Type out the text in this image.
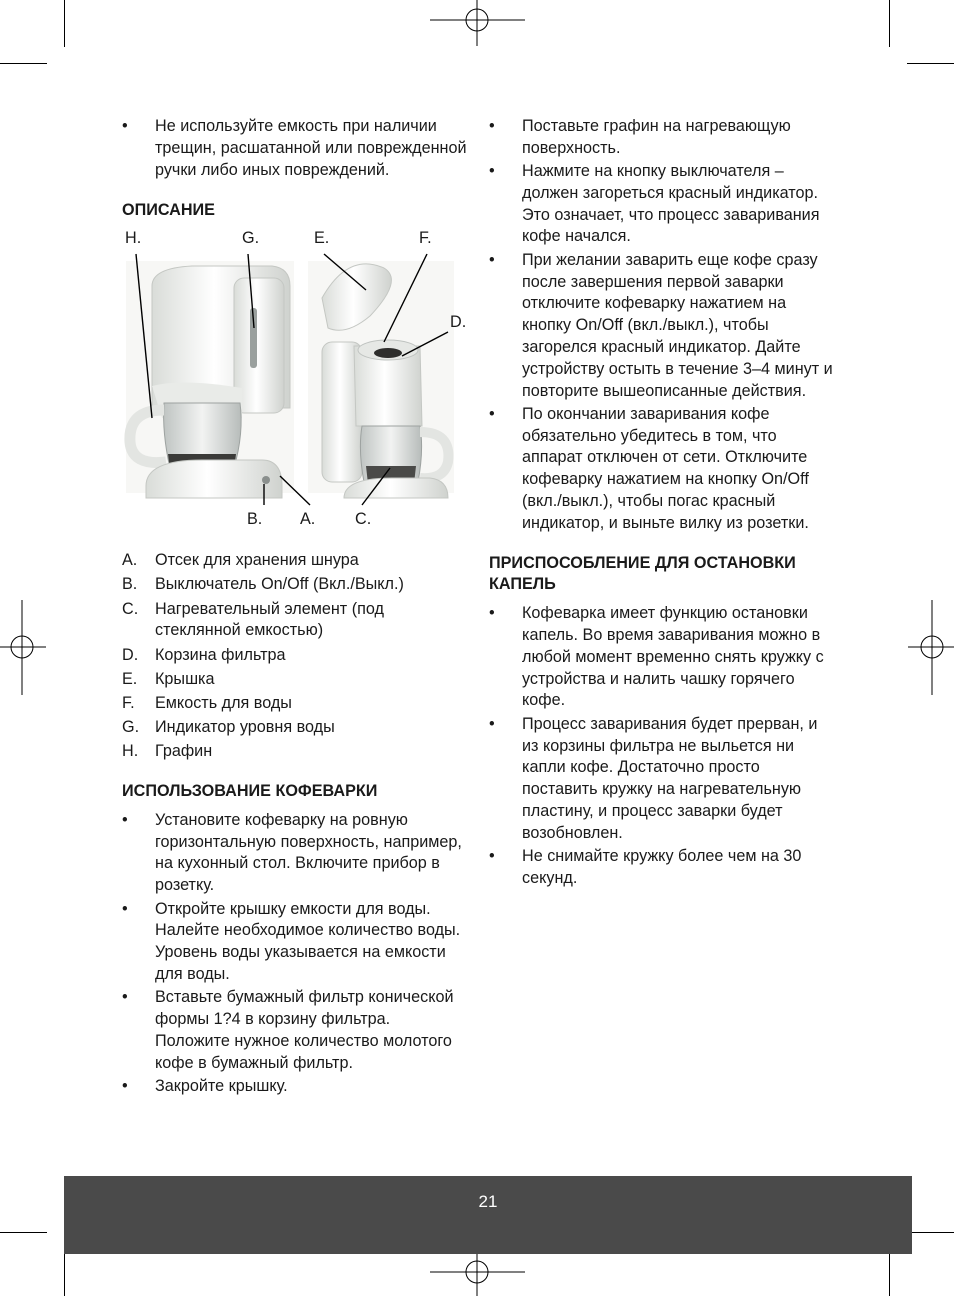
• Не используйте емкость при наличии трещин, расшатанной или поврежденной ручки либо иных повреждений.
ОПИСАНИЕ
H.	G.	E.	F.
D.
B. A. C.
A. Отсек для хранения шнура
B. Выключатель On/Off (Вкл./Выкл.)
C. Нагревательный элемент (под стеклянной емкостью)
D. Корзина фильтра
E. Крышка
F. Емкость для воды
G. Индикатор уровня воды
H. Графин
ИСПОЛЬЗОВАНИЕ КОФЕВАРКИ
• Установите кофеварку на ровную горизонтальную поверхность, например, на кухонный стол. Включите прибор в розетку.
• Откройте крышку емкости для воды. Налейте необходимое количество воды. Уровень воды указывается на емкости для воды.
• Вставьте бумажный фильтр конической формы 1?4 в корзину фильтра. Положите нужное количество молотого кофе в бумажный фильтр.
• Закройте крышку.
• Поставьте графин на нагревающую поверхность.
• Нажмите на кнопку выключателя – должен загореться красный индикатор. Это означает, что процесс заваривания кофе начался.
• При желании заварить еще кофе сразу после завершения первой заварки отключите кофеварку нажатием на кнопку On/Off (вкл./выкл.), чтобы загорелся красный индикатор. Дайте устройству остыть в течение 3–4 минут и повторите вышеописанные действия.
• По окончании заваривания кофе обязательно убедитесь в том, что аппарат отключен от сети. Отключите кофеварку нажатием на кнопку On/Off (вкл./выкл.), чтобы погас красный индикатор, и выньте вилку из розетки.
ПРИСПОСОБЛЕНИЕ ДЛЯ ОСТАНОВКИ КАПЕЛЬ
• Кофеварка имеет функцию остановки капель. Во время заваривания можно в любой момент временно снять кружку с устройства и налить чашку горячего кофе.
• Процесс заваривания будет прерван, и из корзины фильтра не выльется ни капли кофе. Достаточно просто поставить кружку на нагревательную пластину, и процесс заварки будет возобновлен.
• Не снимайте кружку более чем на 30 секунд.
21
